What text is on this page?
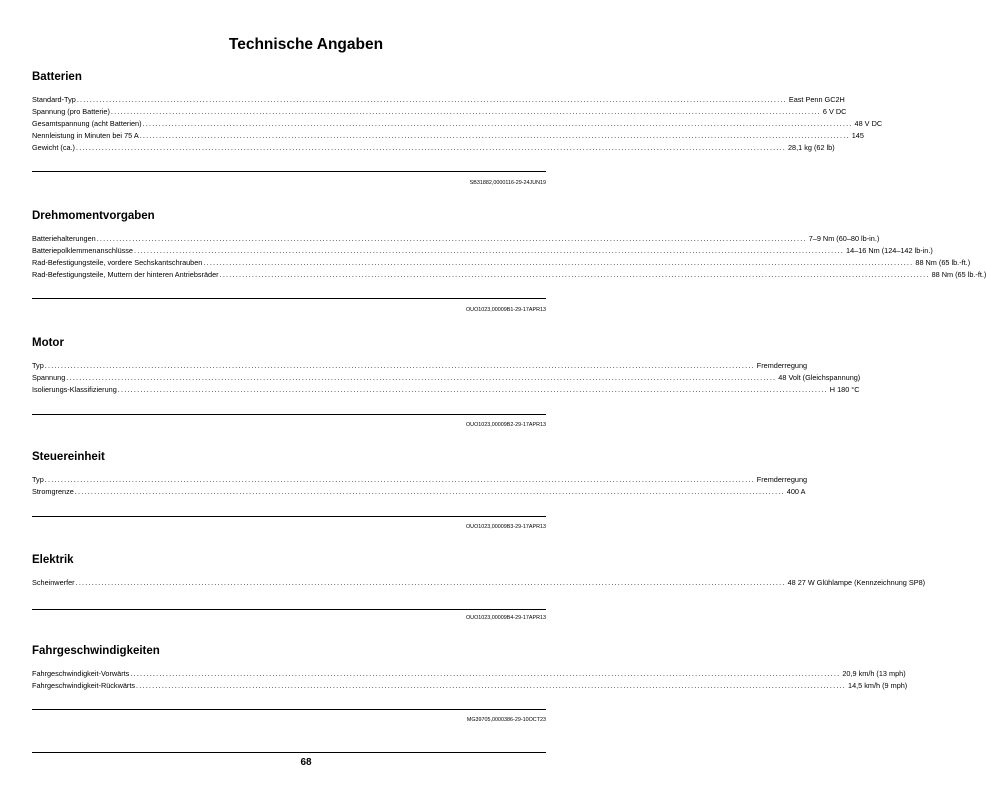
Technische Angaben
Batterien
Standard-Typ ............................................................................................................................................................................................................................ East Penn GC2H
Spannung (pro Batterie) ............................................................................................................................................................................................................................ 6 V DC
Gesamtspannung (acht Batterien) ............................................................................................................................................................................................................................ 48 V DC
Nennleistung in Minuten bei 75 A ............................................................................................................................................................................................................................ 145
Gewicht (ca.) ............................................................................................................................................................................................................................ 28,1 kg (62 lb)
SB31882,0000116-29-24JUN19
Drehmomentvorgaben
Batteriehalterungen ............................................................................................................................................................................................................................ 7–9 Nm (60–80 lb-in.)
Batteriepolklemmenanschlüsse ............................................................................................................................................................................................................................ 14–16 Nm (124–142 lb-in.)
Rad-Befestigungsteile, vordere Sechskantschrauben ............................................................................................................................................................................................................................ 88 Nm (65 lb.-ft.)
Rad-Befestigungsteile, Muttern der hinteren Antriebsräder ............................................................................................................................................................................................................................ 88 Nm (65 lb.-ft.)
OUO1023,00009B1-29-17APR13
Motor
Typ ............................................................................................................................................................................................................................ Fremderregung
Spannung ............................................................................................................................................................................................................................ 48 Volt (Gleichspannung)
Isolierungs-Klassifizierung ............................................................................................................................................................................................................................ H 180 °C
OUO1023,00009B2-29-17APR13
Steuereinheit
Typ ............................................................................................................................................................................................................................ Fremderregung
Stromgrenze ............................................................................................................................................................................................................................ 400 A
OUO1023,00009B3-29-17APR13
Elektrik
Scheinwerfer ............................................................................................................................................................................................................................ 48 27 W Glühlampe (Kennzeichnung SP8)
OUO1023,00009B4-29-17APR13
Fahrgeschwindigkeiten
Fahrgeschwindigkeit-Vorwärts ............................................................................................................................................................................................................................ 20,9 km/h (13 mph)
Fahrgeschwindigkeit-Rückwärts ............................................................................................................................................................................................................................ 14,5 km/h (9 mph)
MG39705,0000386-29-10OCT23
68
